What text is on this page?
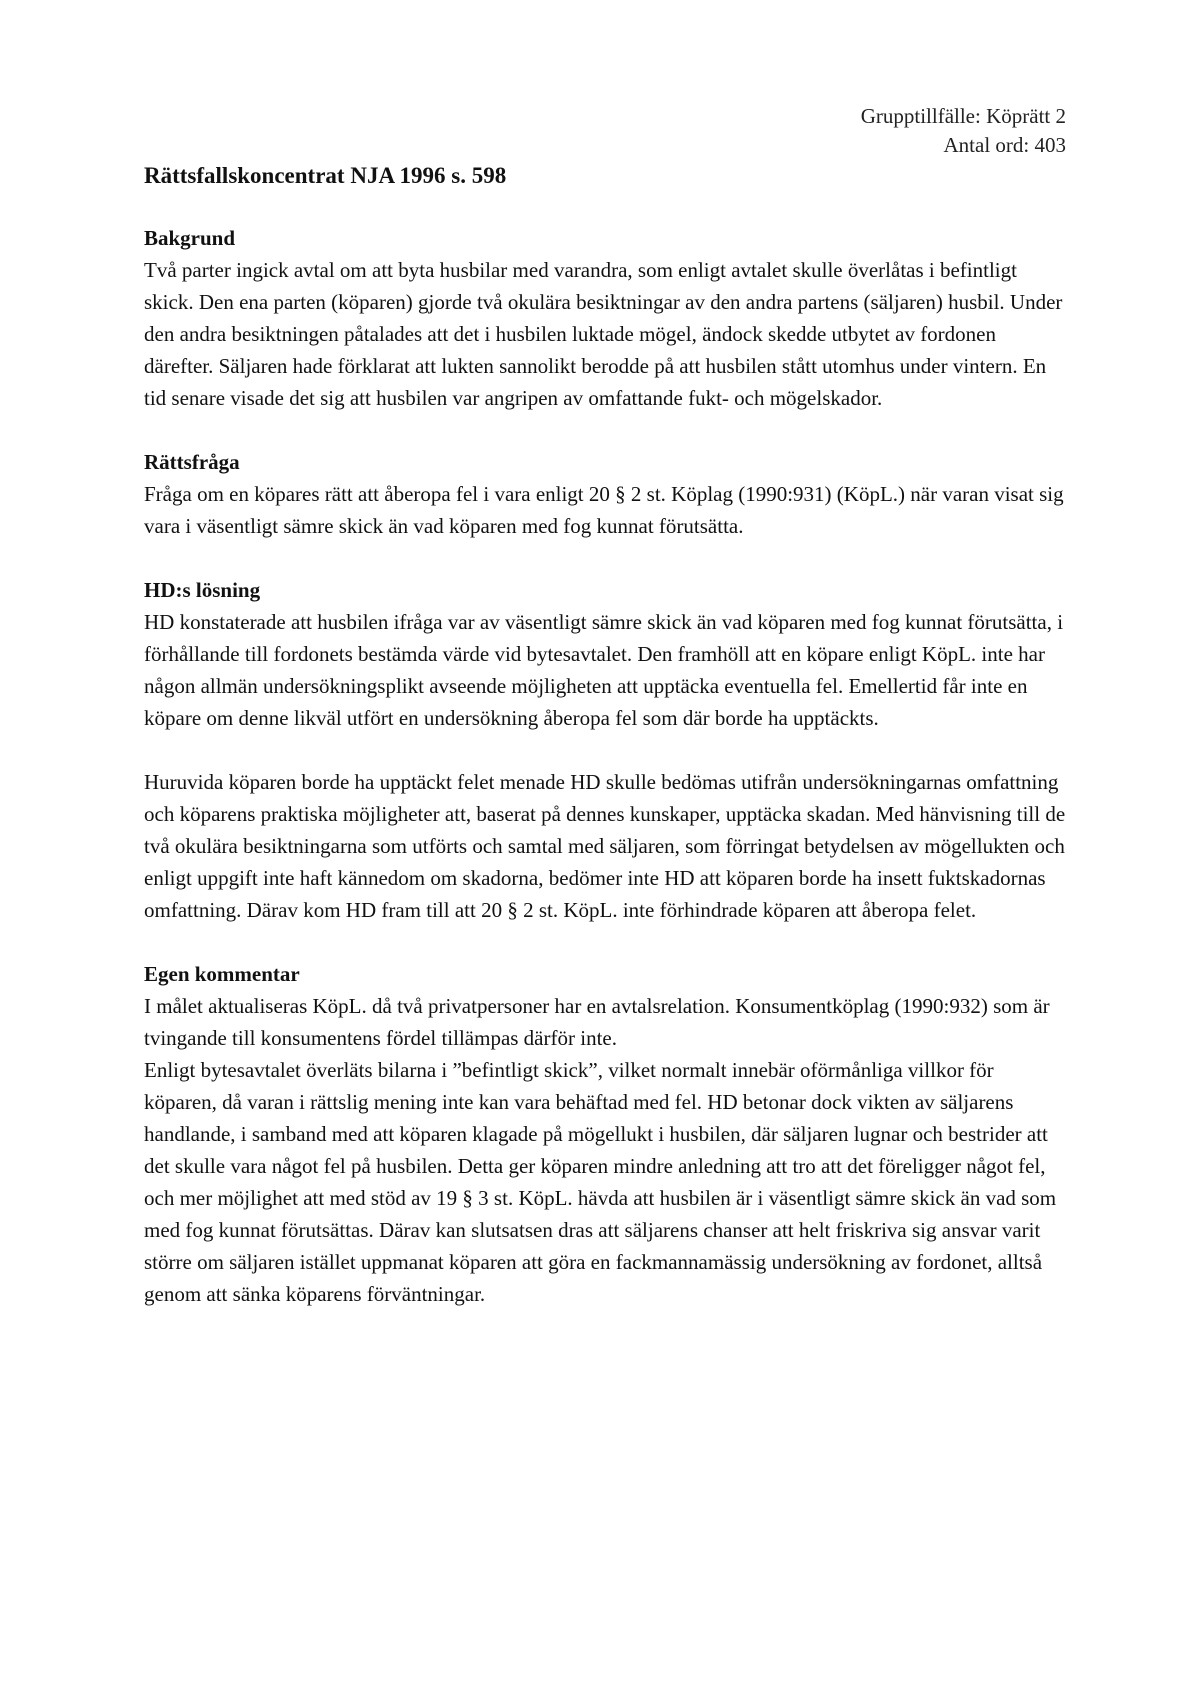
Grupptillfälle: Köprätt 2
Antal ord: 403
Rättsfallskoncentrat NJA 1996 s. 598
Bakgrund

Två parter ingick avtal om att byta husbilar med varandra, som enligt avtalet skulle överlåtas i befintligt skick. Den ena parten (köparen) gjorde två okulära besiktningar av den andra partens (säljaren) husbil. Under den andra besiktningen påtalades att det i husbilen luktade mögel, ändock skedde utbytet av fordonen därefter. Säljaren hade förklarat att lukten sannolikt berodde på att husbilen stått utomhus under vintern. En tid senare visade det sig att husbilen var angripen av omfattande fukt- och mögelskador.

Rättsfråga

Fråga om en köpares rätt att åberopa fel i vara enligt 20 § 2 st. Köplag (1990:931) (KöpL.) när varan visat sig vara i väsentligt sämre skick än vad köparen med fog kunnat förutsätta.

HD:s lösning

HD konstaterade att husbilen ifråga var av väsentligt sämre skick än vad köparen med fog kunnat förutsätta, i förhållande till fordonets bestämda värde vid bytesavtalet. Den framhöll att en köpare enligt KöpL. inte har någon allmän undersökningsplikt avseende möjligheten att upptäcka eventuella fel. Emellertid får inte en köpare om denne likväl utfört en undersökning åberopa fel som där borde ha upptäckts.

Huruvida köparen borde ha upptäckt felet menade HD skulle bedömas utifrån undersökningarnas omfattning och köparens praktiska möjligheter att, baserat på dennes kunskaper, upptäcka skadan. Med hänvisning till de två okulära besiktningarna som utförts och samtal med säljaren, som förringat betydelsen av mögellukten och enligt uppgift inte haft kännedom om skadorna, bedömer inte HD att köparen borde ha insett fuktskadornas omfattning. Därav kom HD fram till att 20 § 2 st. KöpL. inte förhindrade köparen att åberopa felet.

Egen kommentar

I målet aktualiseras KöpL. då två privatpersoner har en avtalsrelation. Konsumentköplag (1990:932) som är tvingande till konsumentens fördel tillämpas därför inte.

Enligt bytesavtalet överläts bilarna i ”befintligt skick”, vilket normalt innebär oförmånliga villkor för köparen, då varan i rättslig mening inte kan vara behäftad med fel. HD betonar dock vikten av säljarens handlande, i samband med att köparen klagade på mögellukt i husbilen, där säljaren lugnar och bestrider att det skulle vara något fel på husbilen. Detta ger köparen mindre anledning att tro att det föreligger något fel, och mer möjlighet att med stöd av 19 § 3 st. KöpL. hävda att husbilen är i väsentligt sämre skick än vad som med fog kunnat förutsättas. Därav kan slutsatsen dras att säljarens chanser att helt friskriva sig ansvar varit större om säljaren istället uppmanat köparen att göra en fackmannamässig undersökning av fordonet, alltså genom att sänka köparens förväntningar.
